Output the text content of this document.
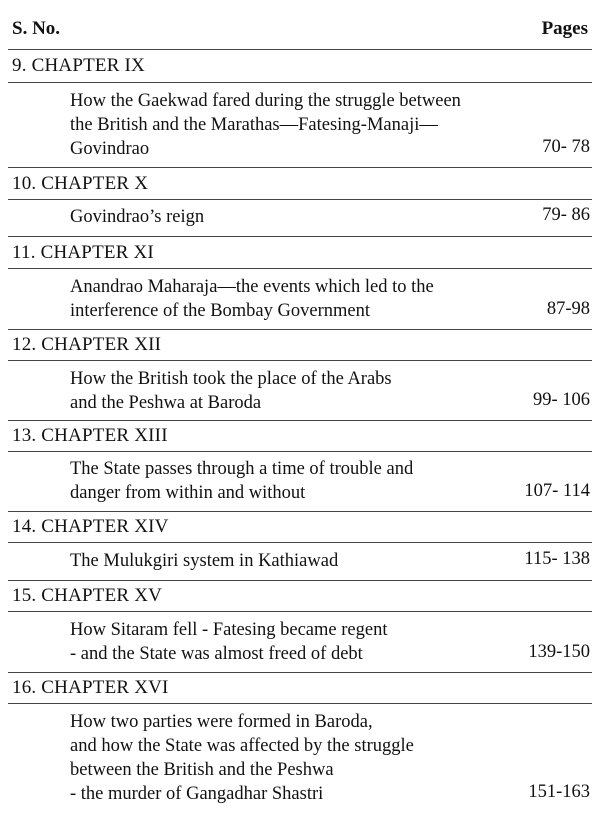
S. No.	Pages
9. CHAPTER IX
How the Gaekwad fared during the struggle between
the British and the Marathas—Fatesing-Manaji—
Govindrao	70- 78
10. CHAPTER X
Govindrao’s reign	79- 86
11. CHAPTER XI
Anandrao Maharaja—the events which led to the
interference of the Bombay Government	87-98
12. CHAPTER XII
How the British took the place of the Arabs
and the Peshwa at Baroda	99- 106
13. CHAPTER XIII
The State passes through a time of trouble and
danger from within and without	107- 114
14. CHAPTER XIV
The Mulukgiri system in Kathiawad	115- 138
15. CHAPTER XV
How Sitaram fell - Fatesing became regent
- and the State was almost freed of debt	139-150
16. CHAPTER XVI
How two parties were formed in Baroda,
and how the State was affected by the struggle
between the British and the Peshwa
- the murder of Gangadhar Shastri	151-163
